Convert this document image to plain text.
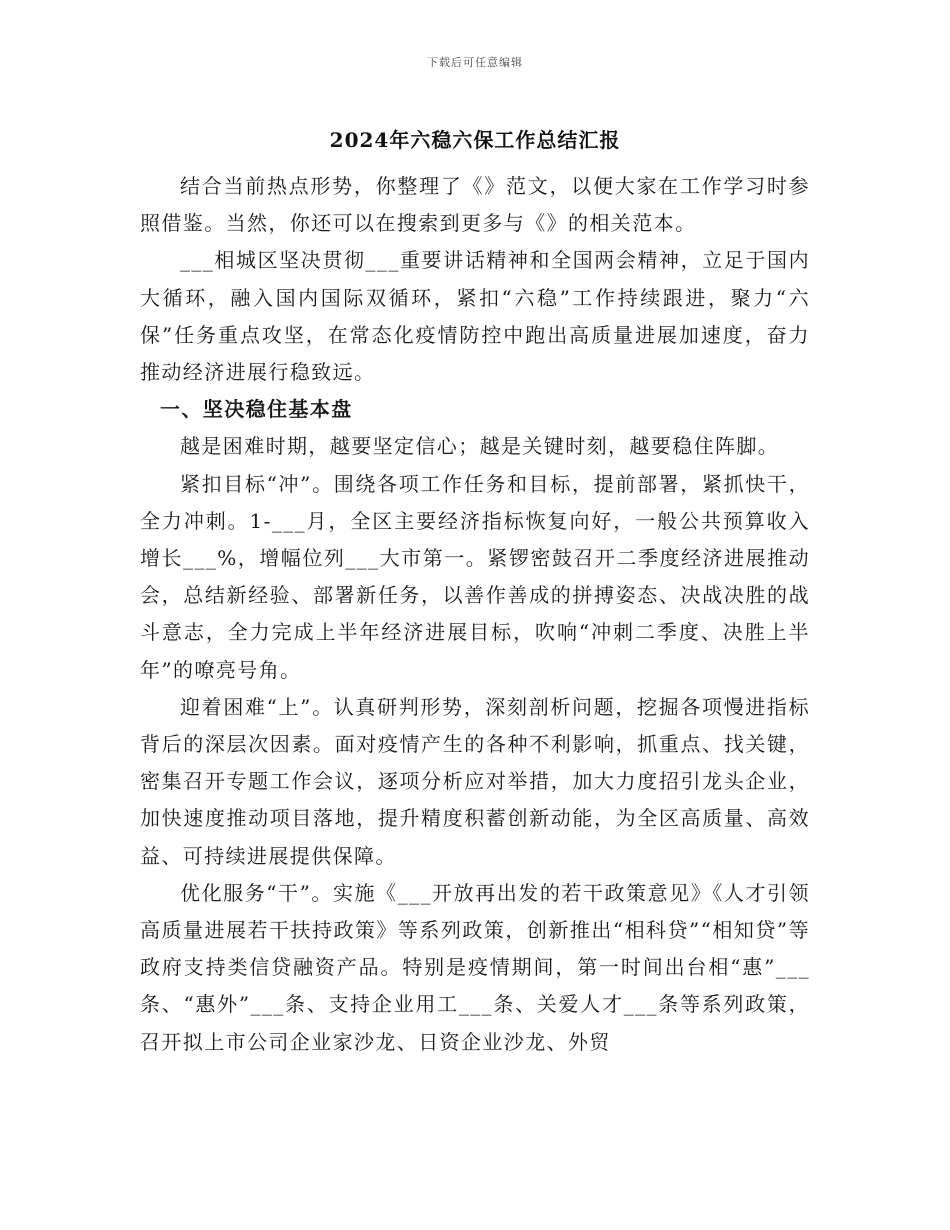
下载后可任意编辑
2024年六稳六保工作总结汇报

结合当前热点形势，你整理了《》范文，以便大家在工作学习时参照借鉴。当然，你还可以在搜索到更多与《》的相关范本。

___相城区坚决贯彻___重要讲话精神和全国两会精神，立足于国内大循环，融入国内国际双循环，紧扣“六稳”工作持续跟进，聚力“六保”任务重点攻坚，在常态化疫情防控中跑出高质量进展加速度，奋力推动经济进展行稳致远。

一、坚决稳住基本盘

越是困难时期，越要坚定信心；越是关键时刻，越要稳住阵脚。

紧扣目标“冲”。围绕各项工作任务和目标，提前部署，紧抓快干，全力冲刺。1-___月，全区主要经济指标恢复向好，一般公共预算收入增长___%，增幅位列___大市第一。紧锣密鼓召开二季度经济进展推动会，总结新经验、部署新任务，以善作善成的拼搏姿态、决战决胜的战斗意志，全力完成上半年经济进展目标，吹响“冲刺二季度、决胜上半年”的嘹亮号角。

迎着困难“上”。认真研判形势，深刻剖析问题，挖掘各项慢进指标背后的深层次因素。面对疫情产生的各种不利影响，抓重点、找关键，密集召开专题工作会议，逐项分析应对举措，加大力度招引龙头企业，加快速度推动项目落地，提升精度积蓄创新动能，为全区高质量、高效益、可持续进展提供保障。

优化服务“干”。实施《___开放再出发的若干政策意见》《人才引领高质量进展若干扶持政策》等系列政策，创新推出“相科贷”“相知贷”等政府支持类信贷融资产品。特别是疫情期间，第一时间出台相“惠”___条、“惠外”___条、支持企业用工___条、关爱人才___条等系列政策，召开拟上市公司企业家沙龙、日资企业沙龙、外贸
